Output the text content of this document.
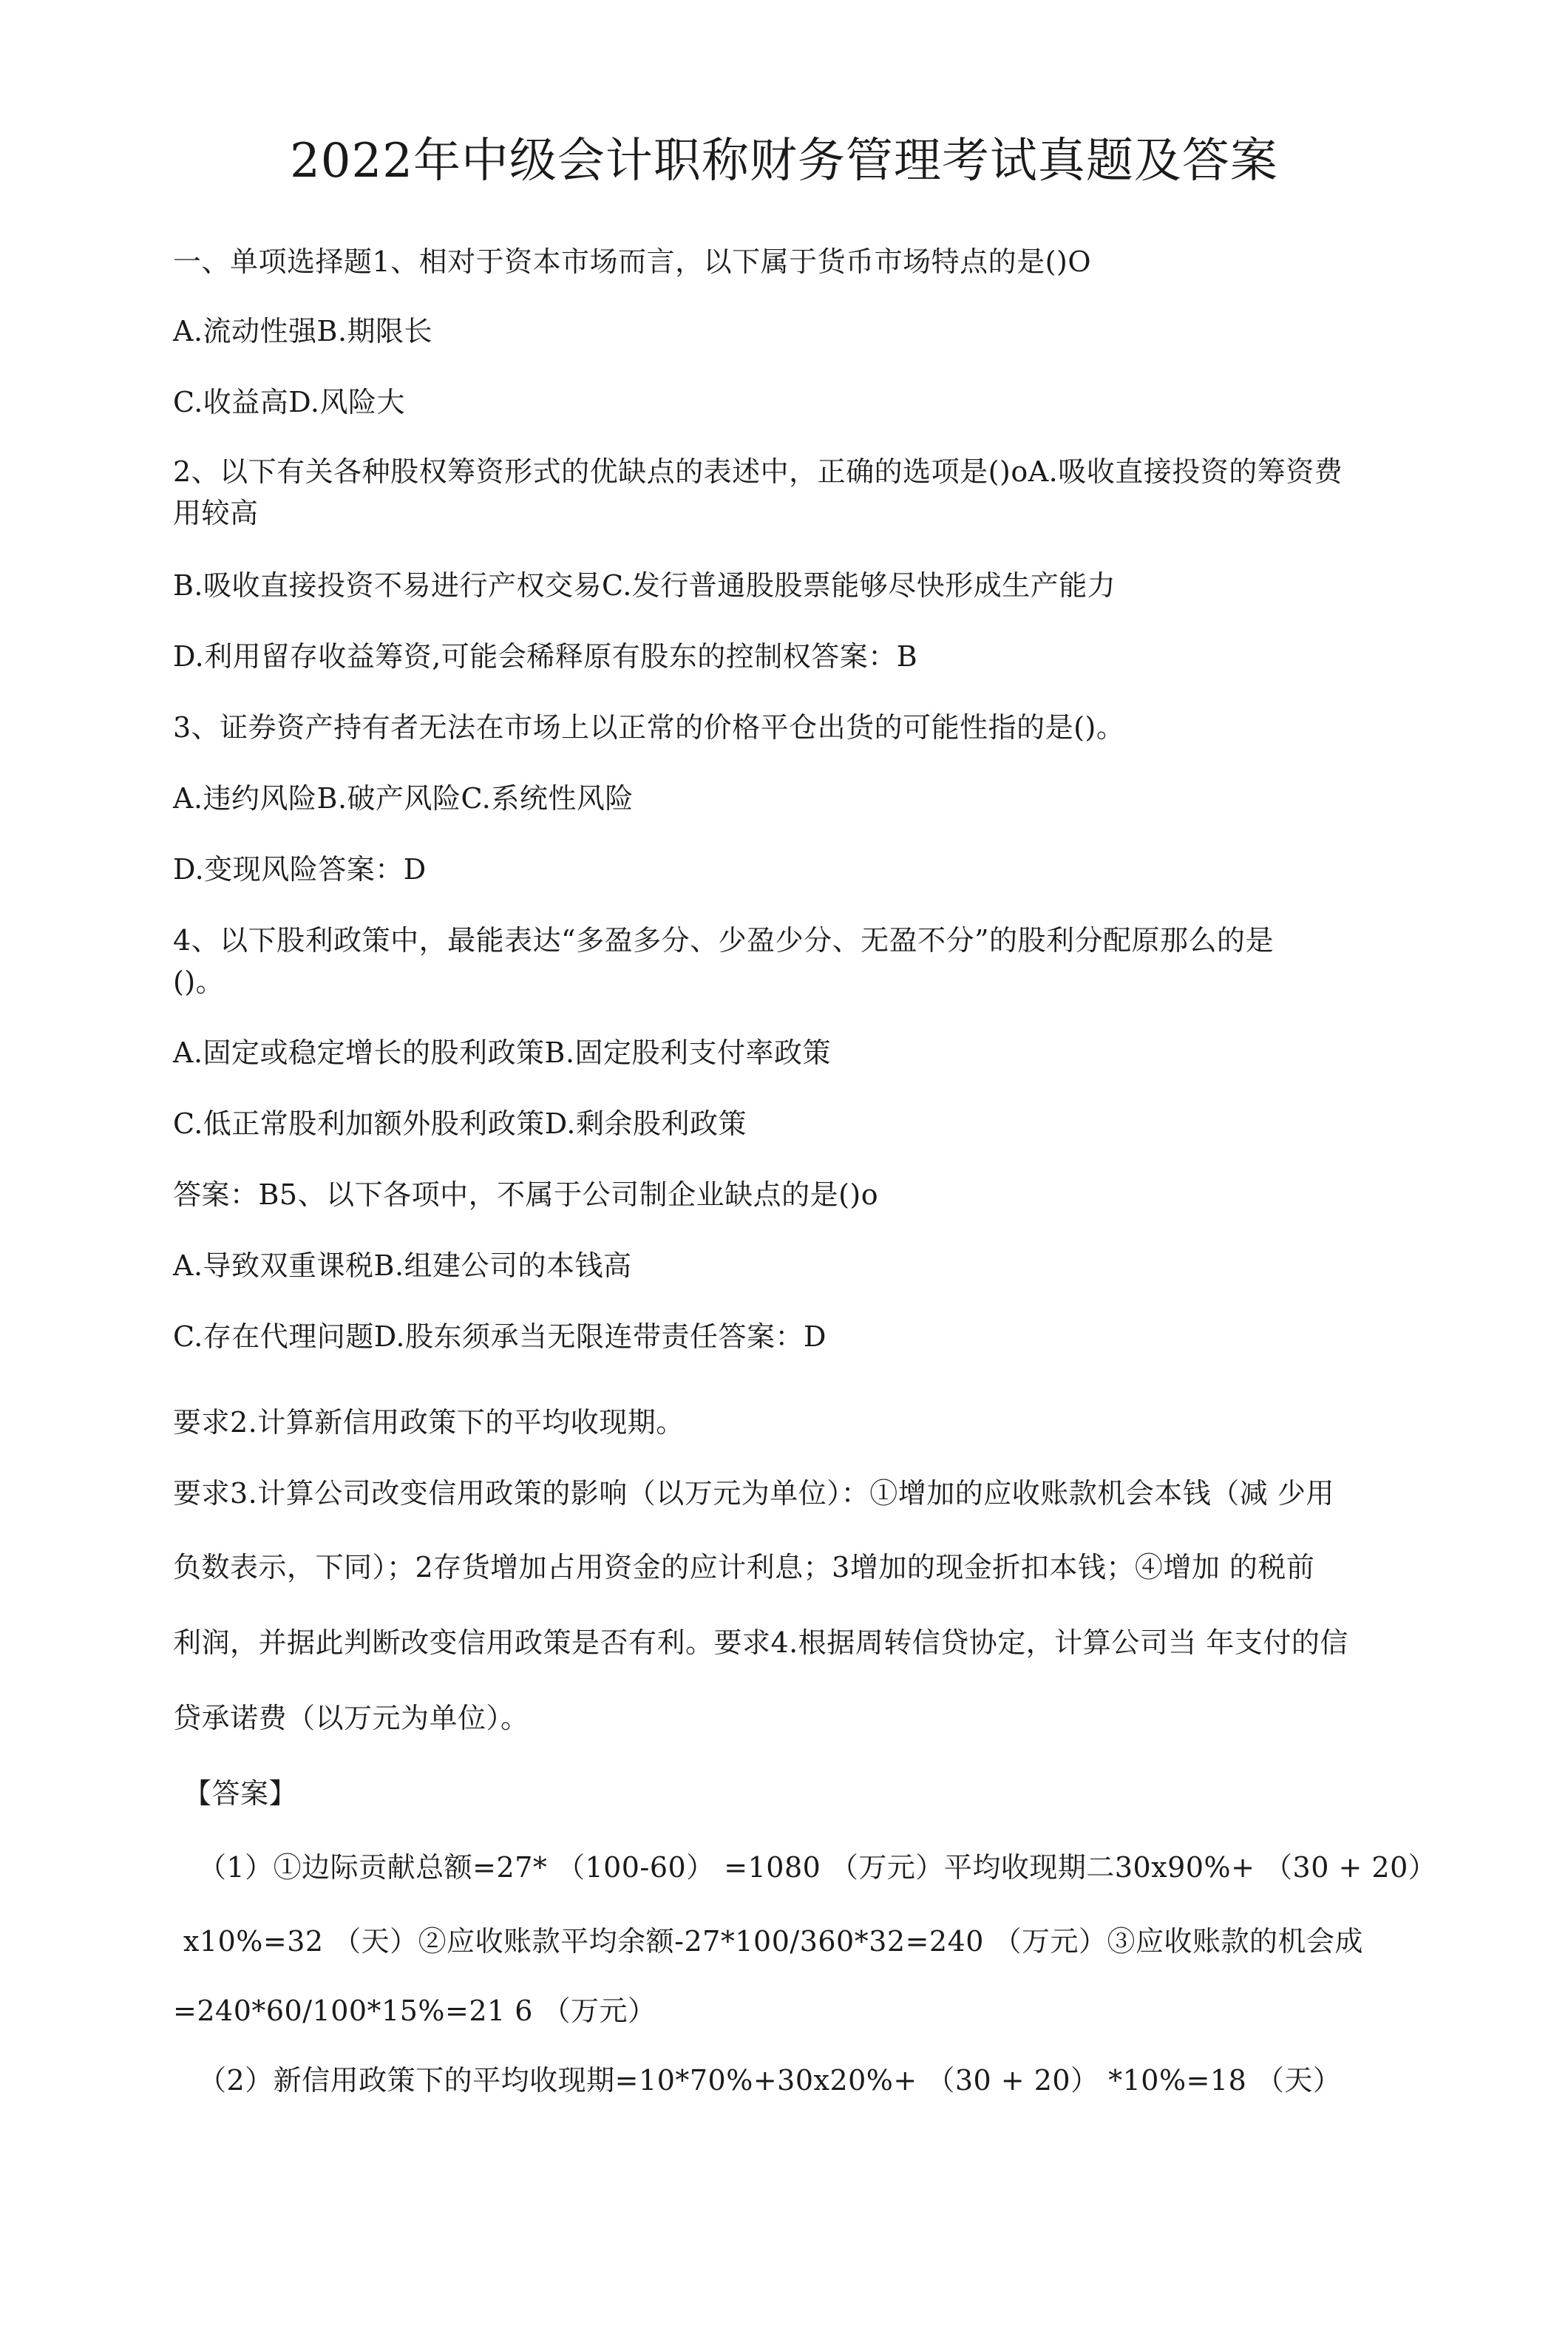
2022年中级会计职称财务管理考试真题及答案
一、单项选择题1、相对于资本市场而言，以下属于货币市场特点的是()O
A.流动性强B.期限长
C.收益高D.风险大
2、以下有关各种股权筹资形式的优缺点的表述中，正确的选项是()oA.吸收直接投资的筹资费
用较高
B.吸收直接投资不易进行产权交易C.发行普通股股票能够尽快形成生产能力
D.利用留存收益筹资,可能会稀释原有股东的控制权答案：B
3、证券资产持有者无法在市场上以正常的价格平仓出货的可能性指的是()。
A.违约风险B.破产风险C.系统性风险
D.变现风险答案：D
4、以下股利政策中，最能表达“多盈多分、少盈少分、无盈不分”的股利分配原那么的是
()。
A.固定或稳定增长的股利政策B.固定股利支付率政策
C.低正常股利加额外股利政策D.剩余股利政策
答案：B5、以下各项中，不属于公司制企业缺点的是()o
A.导致双重课税B.组建公司的本钱高
C.存在代理问题D.股东须承当无限连带责任答案：D
要求2.计算新信用政策下的平均收现期。
要求3.计算公司改变信用政策的影响（以万元为单位）：①增加的应收账款机会本钱（减 少用
负数表示，下同）；2存货增加占用资金的应计利息；3增加的现金折扣本钱；④增加 的税前
利润，并据此判断改变信用政策是否有利。要求4.根据周转信贷协定，计算公司当 年支付的信
贷承诺费（以万元为单位）。
【答案】
（1）①边际贡献总额=27* （100-60） =1080 （万元）平均收现期二30x90%+ （30 + 20）
x10%=32 （天）②应收账款平均余额-27*100/360*32=240 （万元）③应收账款的机会成
=240*60/100*15%=21 6 （万元）
（2）新信用政策下的平均收现期=10*70%+30x20%+ （30 + 20） *10%=18 （天）
